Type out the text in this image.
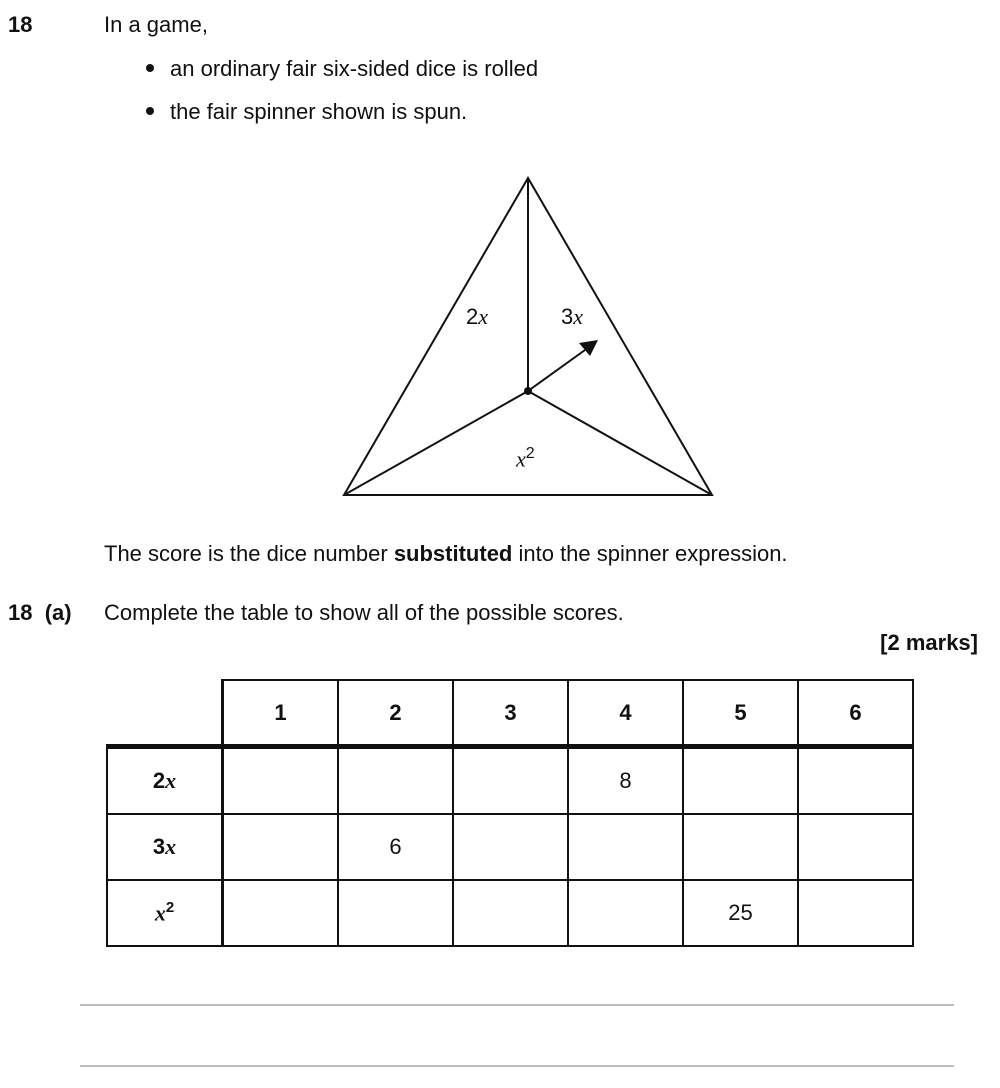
18	In a game,
an ordinary fair six-sided dice is rolled
the fair spinner shown is spun.
2x	3x
$x^2$
The score is the dice number substituted into the spinner expression.
18  (a) Complete the table to show all of the possible scores.
[2 marks]
	1	2	3	4	5	6
2x				8		
3x		6				
$x^2$					25	
